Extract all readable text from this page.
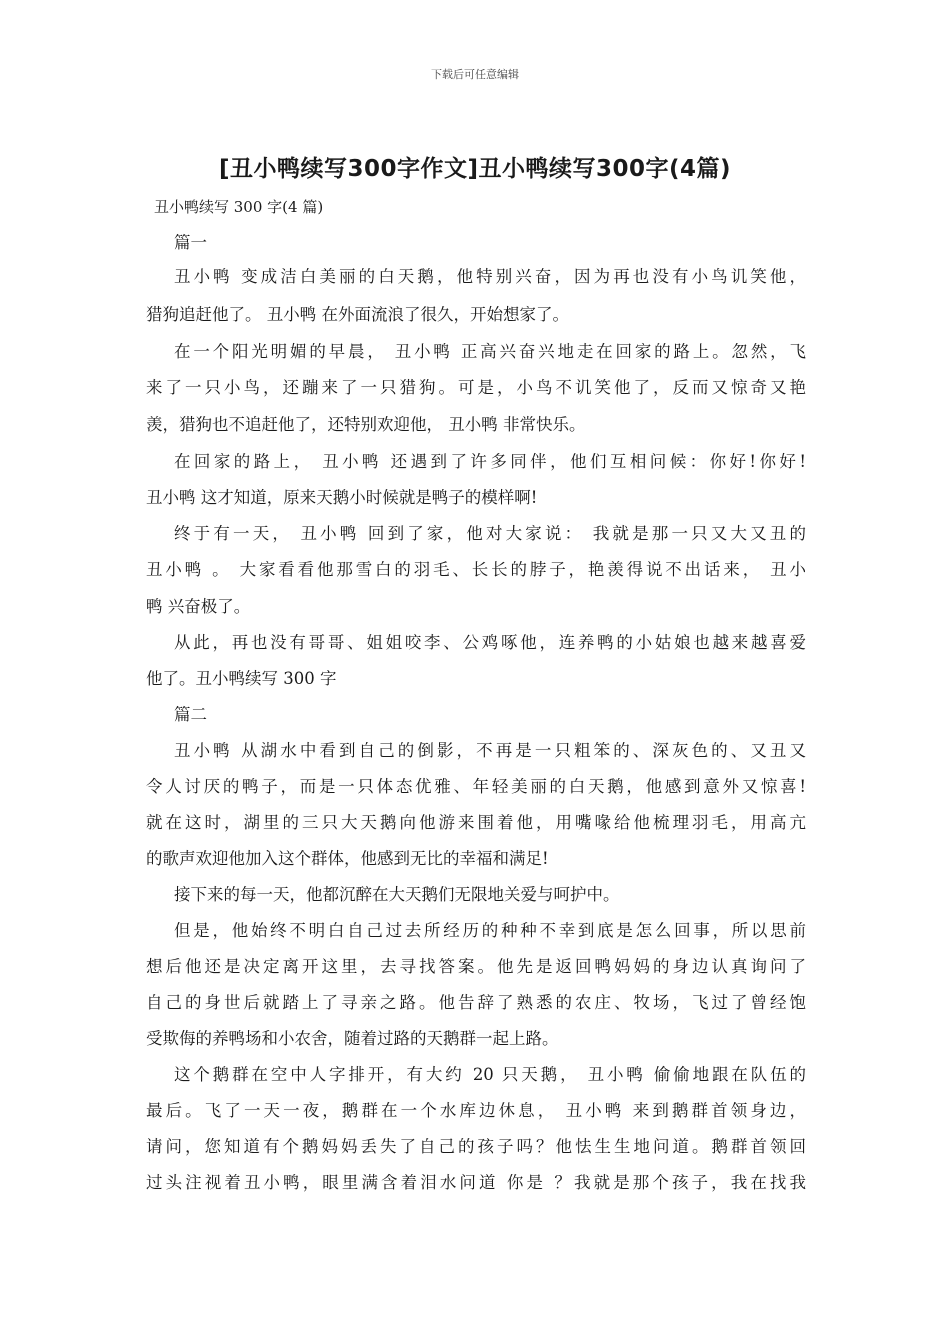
下载后可任意编辑
[丑小鸭续写300字作文]丑小鸭续写300字(4篇)
丑小鸭续写 300 字(4 篇)
篇一
丑小鸭 变成洁白美丽的白天鹅，他特别兴奋，因为再也没有小鸟讥笑他，
猎狗追赶他了。 丑小鸭 在外面流浪了很久，开始想家了。
在一个阳光明媚的早晨， 丑小鸭 正高兴奋兴地走在回家的路上。忽然，飞
来了一只小鸟，还蹦来了一只猎狗。可是，小鸟不讥笑他了，反而又惊奇又艳
羡，猎狗也不追赶他了，还特别欢迎他， 丑小鸭 非常快乐。
在回家的路上， 丑小鸭 还遇到了许多同伴，他们互相问候：你好!你好!
丑小鸭 这才知道，原来天鹅小时候就是鸭子的模样啊!
终于有一天， 丑小鸭 回到了家，他对大家说： 我就是那一只又大又丑的
丑小鸭 。 大家看看他那雪白的羽毛、长长的脖子，艳羡得说不出话来， 丑小
鸭 兴奋极了。
从此，再也没有哥哥、姐姐咬李、公鸡啄他，连养鸭的小姑娘也越来越喜爱
他了。丑小鸭续写 300 字
篇二
丑小鸭 从湖水中看到自己的倒影，不再是一只粗笨的、深灰色的、又丑又
令人讨厌的鸭子，而是一只体态优雅、年轻美丽的白天鹅，他感到意外又惊喜!
就在这时，湖里的三只大天鹅向他游来围着他，用嘴喙给他梳理羽毛，用高亢
的歌声欢迎他加入这个群体，他感到无比的幸福和满足!
接下来的每一天，他都沉醉在大天鹅们无限地关爱与呵护中。
但是，他始终不明白自己过去所经历的种种不幸到底是怎么回事，所以思前
想后他还是决定离开这里，去寻找答案。他先是返回鸭妈妈的身边认真询问了
自己的身世后就踏上了寻亲之路。他告辞了熟悉的农庄、牧场，飞过了曾经饱
受欺侮的养鸭场和小农舍，随着过路的天鹅群一起上路。
这个鹅群在空中人字排开，有大约 20 只天鹅， 丑小鸭 偷偷地跟在队伍的
最后。飞了一天一夜，鹅群在一个水库边休息， 丑小鸭 来到鹅群首领身边，
请问，您知道有个鹅妈妈丢失了自己的孩子吗？他怯生生地问道。鹅群首领回
过头注视着丑小鸭，眼里满含着泪水问道 你是 ？我就是那个孩子，我在找我
